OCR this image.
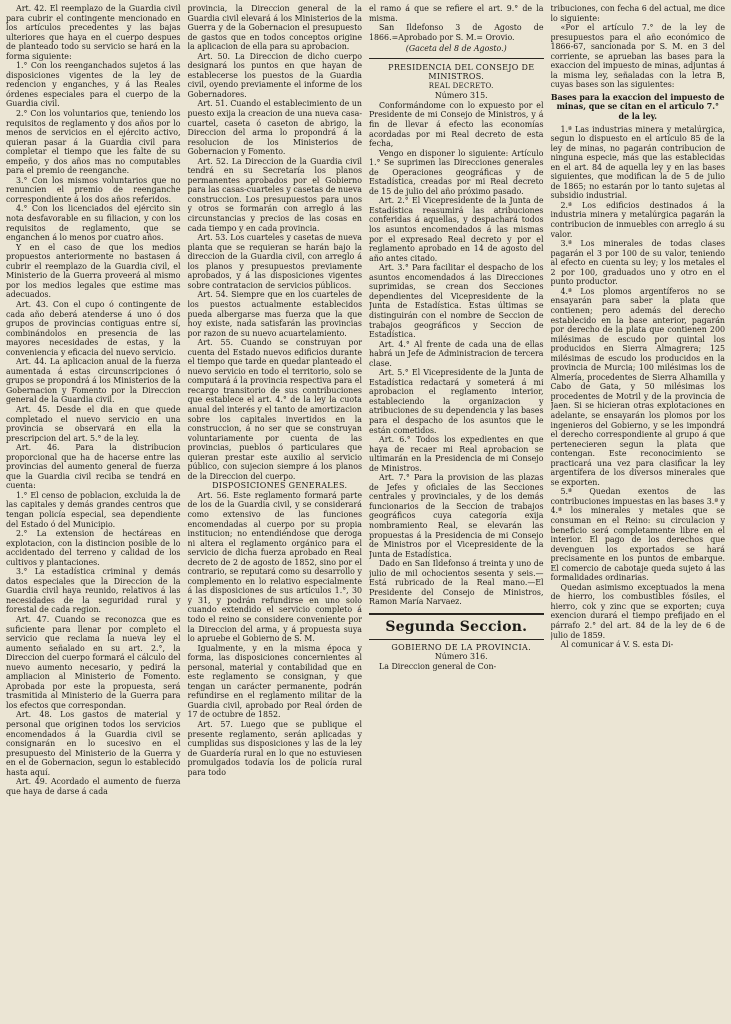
Art. 42. El reemplazo de la Guardia civil para cubrir el contingente mencionado en los artículos precedentes y las bajas ulteriores que haya en el cuerpo despues de planteado todo su servicio se hará en la forma siguiente:

1.° Con los reenganchados sujetos á las disposiciones vigentes de la ley de redencion y enganches, y á las Reales órdenes especiales para el cuerpo de la Guardia civil.

2.° Con los voluntarios que, teniendo los requisitos de reglamento y dos años por lo menos de servicios en el ejército activo, quieran pasar á la Guardia civil para completar el tiempo que les falte de su empeño, y dos años mas no computables para el premio de reenganche.

3.° Con los mismos voluntarios que no renuncien el premio de reenganche correspondiente á los dos años referidos.

4.° Con los licenciados del ejército sin nota desfavorable en su filiacion, y con los requisitos de reglamento, que se enganchen á lo menos por cuatro años.

Y en el caso de que los medios propuestos anteriormente no bastasen á cubrir el reemplazo de la Guardia civil, el Ministerio de la Guerra proveerá al mismo por los medios legales que estime mas adecuados.

Art. 43. Con el cupo ó contingente de cada año deberá atenderse á uno ó dos grupos de provincias contiguas entre sí, combinándolos en presencia de las mayores necesidades de estas, y la conveniencia y eficacia del nuevo servicio.

Art. 44. La aplicacion anual de la fuerza aumentada á estas circunscripciones ó grupos se propondrá á los Ministerios de la Gobernacion y Fomento por la Direccion general de la Guardia civil.

Art. 45. Desde el dia en que quede completado el nuevo servicio en una provincia se observará en ella la prescripcion del art. 5.° de la ley.

Art. 46. Para la distribucion proporcional que ha de hacerse entre las provincias del aumento general de fuerza que la Guardia civil reciba se tendrá en cuenta:

1.° El censo de poblacion, excluida la de las capitales y demás grandes centros que tengan policía especial, sea dependiente del Estado ó del Municipio.

2.° La extension de hectáreas en explotacion, con la distincion posible de lo accidentado del terreno y calidad de los cultivos y plantaciones.

3.° La estadística criminal y demás datos especiales que la Direccion de la Guardia civil haya reunido, relativos á las necesidades de la seguridad rural y forestal de cada region.

Art. 47. Cuando se reconozca que es suficiente para llenar por completo el servicio que reclama la nueva ley el aumento señalado en su art. 2.°, la Direccion del cuerpo formará el cálculo del nuevo aumento necesario, y pedirá la ampliacion al Ministerio de Fomento. Aprobada por este la propuesta, será trasmitida al Ministerio de la Guerra para los efectos que correspondan.

Art. 48. Los gastos de material y personal que originen todos los servicios encomendados á la Guardia civil se consignarán en lo sucesivo en el presupuesto del Ministerio de la Guerra y en el de Gobernacion, segun lo establecido hasta aquí.

Art. 49. Acordado el aumento de fuerza que haya de darse á cada

provincia, la Direccion general de la Guardia civil elevará á los Ministerios de la Guerra y de la Gobernacion el presupuesto de gastos que en todos conceptos origine la aplicacion de ella para su aprobacion.

Art. 50. La Direccion de dicho cuerpo designará los puntos en que hayan de establecerse los puestos de la Guardia civil, oyendo previamente el informe de los Gobernadores.

Art. 51. Cuando el establecimiento de un puesto exija la creacion de una nueva casa-cuartel, caseta ó caseton de abrigo, la Direccion del arma lo propondrá á la resolucion de los Ministerios de Gobernacion y Fomento.

Art. 52. La Direccion de la Guardia civil tendrá en su Secretaría los planos permanentes aprobados por el Gobierno para las casas-cuarteles y casetas de nueva construccion. Los presupuestos para unos y otros se formarán con arreglo á las circunstancias y precios de las cosas en cada tiempo y en cada provincia.

Art. 53. Los cuarteles y casetas de nueva planta que se requieran se harán bajo la direccion de la Guardia civil, con arreglo á los planos y presupuestos previamente aprobados, y á las disposiciones vigentes sobre contratacion de servicios públicos.

Art. 54. Siempre que en los cuarteles de los puestos actualmente establecidos pueda albergarse mas fuerza que la que hoy existe, nada satisfarán las provincias por razon de su nuevo acuartelamiento.

Art. 55. Cuando se construyan por cuenta del Estado nuevos edificios durante el tiempo que tarde en quedar planteado el nuevo servicio en todo el territorio, solo se computará á la provincia respectiva para el recargo transitorio de sus contribuciones que establece el art. 4.° de la ley la cuota anual del interés y el tanto de amortizacion sobre los capitales invertidos en la construccion, á no ser que se construyan voluntariamente por cuenta de las provincias, pueblos ó particulares que quieran prestar este auxilio al servicio público, con sujecion siempre á los planos de la Direccion del cuerpo.

DISPOSICIONES GENERALES.

Art. 56. Este reglamento formará parte de los de la Guardia civil, y se considerará como extensivo de las funciones encomendadas al cuerpo por su propia institucion; no entendiéndose que deroga ni altera el reglamento orgánico para el servicio de dicha fuerza aprobado en Real decreto de 2 de agosto de 1852, sino por el contrario, se reputará como su desarrollo y complemento en lo relativo especialmente á las disposiciones de sus artículos 1.°, 30 y 31, y podrán refundirse en uno solo cuando extendido el servicio completo á todo el reino se considere conveniente por la Direccion del arma, y á propuesta suya lo apruebe el Gobierno de S. M.

Igualmente, y en la misma época y forma, las disposiciones concernientes al personal, material y contabilidad que en este reglamento se consignan, y que tengan un carácter permanente, podrán refundirse en el reglamento militar de la Guardia civil, aprobado por Real órden de 17 de octubre de 1852.

Art. 57. Luego que se publique el presente reglamento, serán aplicadas y cumplidas sus disposiciones y las de la ley de Guardería rural en lo que no estuviesen promulgados todavía los de policía rural para todo

el ramo á que se refiere el art. 9.° de la misma.

San Ildefonso 3 de Agosto de 1866.=Aprobado por S. M.= Orovio.

(Gaceta del 8 de Agosto.)

PRESIDENCIA DEL CONSEJO DE MINISTROS.

REAL DECRETO.

Número 315.

Conformándome con lo expuesto por el Presidente de mi Consejo de Ministros, y á fin de llevar á efecto las economías acordadas por mi Real decreto de esta fecha,

Vengo en disponer lo siguiente: Artículo 1.° Se suprimen las Direcciones generales de Operaciones geográficas y de Estadística, creadas por mi Real decreto de 15 de julio del año próximo pasado.

Art. 2.° El Vicepresidente de la Junta de Estadística reasumirá las atribuciones conferidas á aquellas, y despachará todos los asuntos encomendados á las mismas por el expresado Real decreto y por el reglamento aprobado en 14 de agosto del año antes citado.

Art. 3.° Para facilitar el despacho de los asuntos encomendados á las Direcciones suprimidas, se crean dos Secciones dependientes del Vicepresidente de la Junta de Estadística. Estas últimas se distinguirán con el nombre de Seccion de trabajos geográficos y Seccion de Estadística.

Art. 4.° Al frente de cada una de ellas habrá un Jefe de Administracion de tercera clase.

Art. 5.° El Vicepresidente de la Junta de Estadística redactará y someterá á mi aprobacion el reglamento interior, estableciendo la organizacion y atribuciones de su dependencia y las bases para el despacho de los asuntos que le están cometidos.

Art. 6.° Todos los expedientes en que haya de recaer mi Real aprobacion se ultimarán en la Presidencia de mi Consejo de Ministros.

Art. 7.° Para la provision de las plazas de Jefes y oficiales de las Secciones centrales y provinciales, y de los demás funcionarios de la Seccion de trabajos geográficos cuya categoría exija nombramiento Real, se elevarán las propuestas á la Presidencia de mi Consejo de Ministros por el Vicepresidente de la Junta de Estadística.

Dado en San Ildefonso á treinta y uno de julio de mil ochocientos sesenta y seis.—Está rubricado de la Real mano.—El Presidente del Consejo de Ministros, Ramon María Narvaez.

Segunda Seccion.

GOBIERNO DE LA PROVINCIA.

Número 316.

La Direccion general de Con-

tribuciones, con fecha 6 del actual, me dice lo siguiente:

«Por el artículo 7.° de la ley de presupuestos para el año económico de 1866-67, sancionada por S. M. en 3 del corriente, se aprueban las bases para la exaccion del impuesto de minas, adjuntas á la misma ley, señaladas con la letra B, cuyas bases son las siguientes:

Bases para la exaccion del impuesto de minas, que se citan en el artículo 7.° de la ley.

1.ª Las industrias minera y metalúrgica, segun lo dispuesto en el artículo 85 de la ley de minas, no pagarán contribucion de ninguna especie, más que las establecidas en el art. 84 de aquella ley y en las bases siguientes, que modifican la de 5 de julio de 1865; no estarán por lo tanto sujetas al subsidio industrial.

2.ª Los edificios destinados á la industria minera y metalúrgica pagarán la contribucion de inmuebles con arreglo á su valor.

3.ª Los minerales de todas clases pagarán el 3 por 100 de su valor, teniendo al efecto en cuenta su ley; y los metales el 2 por 100, graduados uno y otro en el punto productor.

4.ª Los plomos argentíferos no se ensayarán para saber la plata que contienen; pero además del derecho establecido en la base anterior, pagarán por derecho de la plata que contienen 200 milésimas de escudo por quintal los producidos en Sierra Almagrera; 125 milésimas de escudo los producidos en la provincia de Murcia; 100 milésimas los de Almería, procedentes de Sierra Alhamilla y Cabo de Gata, y 50 milésimas los procedentes de Motril y de la provincia de Jaen. Si se hicieran otras explotaciones en adelante, se ensayarán los plomos por los ingenieros del Gobierno, y se les impondrá el derecho correspondiente al grupo á que pertenecieren segun la plata que contengan. Este reconocimiento se practicará una vez para clasificar la ley argentífera de los diversos minerales que se exporten.

5.ª Quedan exentos de las contribuciones impuestas en las bases 3.ª y 4.ª los minerales y metales que se consuman en el Reino: su circulacion y beneficio será completamente libre en el interior. El pago de los derechos que devenguen los exportados se hará precisamente en los puntos de embarque. El comercio de cabotaje queda sujeto á las formalidades ordinarias.

Quedan asimismo exceptuados la mena de hierro, los combustibles fósiles, el hierro, cok y zinc que se exporten; cuya exencion durará el tiempo prefijado en el párrafo 2.° del art. 84 de la ley de 6 de julio de 1859.

Al comunicar á V. S. esta Di-
